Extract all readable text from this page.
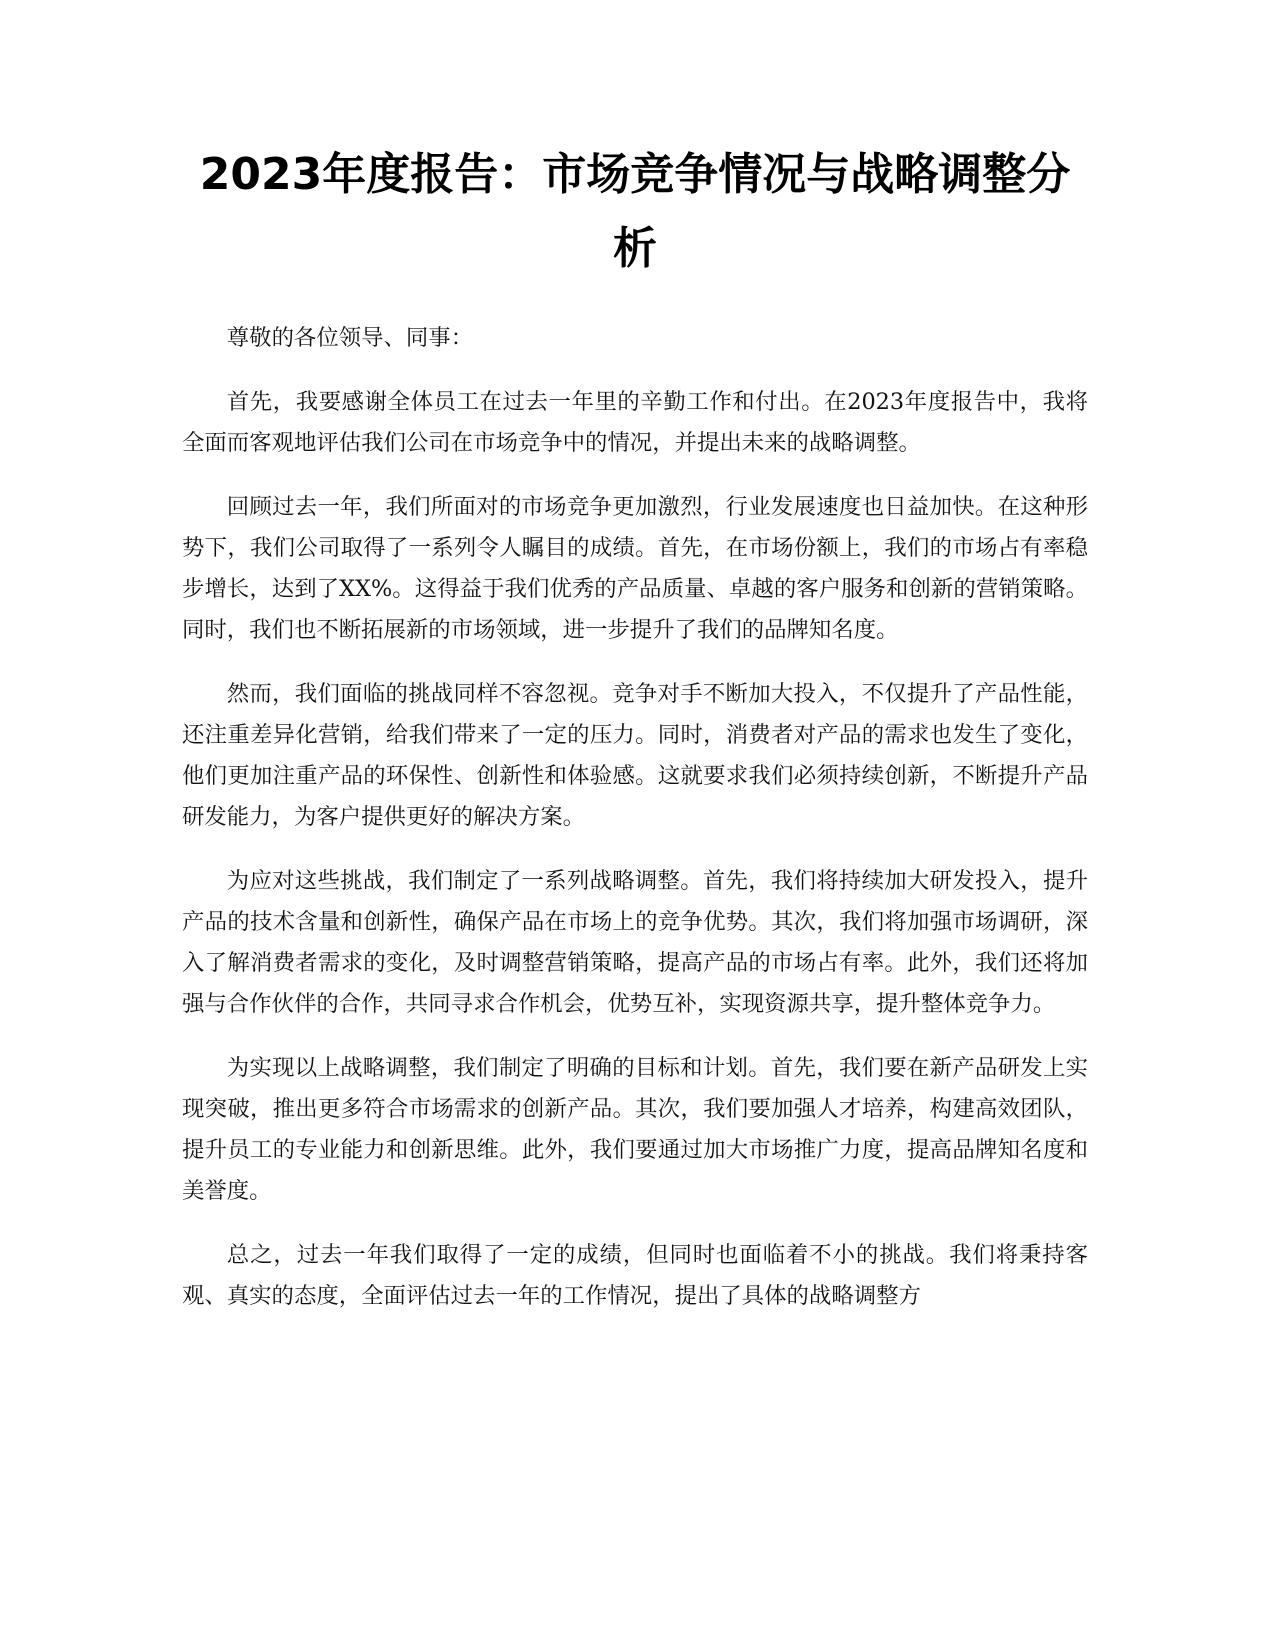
2023年度报告：市场竞争情况与战略调整分析

尊敬的各位领导、同事：

首先，我要感谢全体员工在过去一年里的辛勤工作和付出。在2023年度报告中，我将全面而客观地评估我们公司在市场竞争中的情况，并提出未来的战略调整。

回顾过去一年，我们所面对的市场竞争更加激烈，行业发展速度也日益加快。在这种形势下，我们公司取得了一系列令人瞩目的成绩。首先，在市场份额上，我们的市场占有率稳步增长，达到了XX%。这得益于我们优秀的产品质量、卓越的客户服务和创新的营销策略。同时，我们也不断拓展新的市场领域，进一步提升了我们的品牌知名度。

然而，我们面临的挑战同样不容忽视。竞争对手不断加大投入，不仅提升了产品性能，还注重差异化营销，给我们带来了一定的压力。同时，消费者对产品的需求也发生了变化，他们更加注重产品的环保性、创新性和体验感。这就要求我们必须持续创新，不断提升产品研发能力，为客户提供更好的解决方案。

为应对这些挑战，我们制定了一系列战略调整。首先，我们将持续加大研发投入，提升产品的技术含量和创新性，确保产品在市场上的竞争优势。其次，我们将加强市场调研，深入了解消费者需求的变化，及时调整营销策略，提高产品的市场占有率。此外，我们还将加强与合作伙伴的合作，共同寻求合作机会，优势互补，实现资源共享，提升整体竞争力。

为实现以上战略调整，我们制定了明确的目标和计划。首先，我们要在新产品研发上实现突破，推出更多符合市场需求的创新产品。其次，我们要加强人才培养，构建高效团队，提升员工的专业能力和创新思维。此外，我们要通过加大市场推广力度，提高品牌知名度和美誉度。

总之，过去一年我们取得了一定的成绩，但同时也面临着不小的挑战。我们将秉持客观、真实的态度，全面评估过去一年的工作情况，提出了具体的战略调整方
